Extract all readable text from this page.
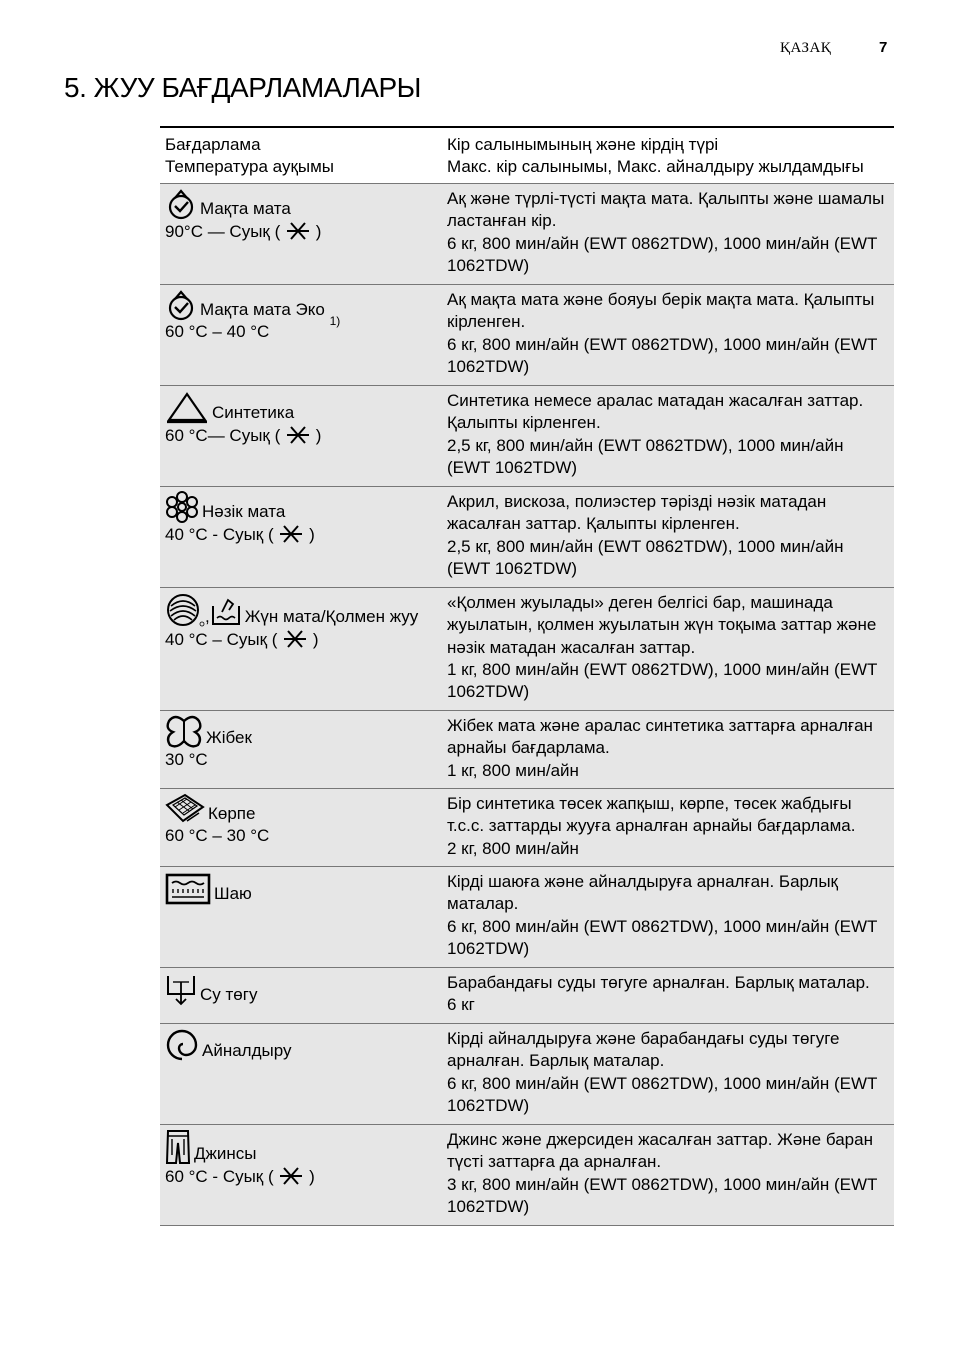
ҚАЗАҚ	7
5. ЖУУ БАҒДАРЛАМАЛАРЫ
Бағдарлама
Температура ауқымы
Кір салынымының және кірдің түрі
Макс. кір салынымы, Макс. айналдыру жылдамдығы
Мақта мата
90°C — Суық ( )
Ақ және түрлі-түсті мақта мата. Қалыпты және шамалы ластанған кір.
6 кг, 800 мин/айн (EWT 0862TDW), 1000 мин/айн (EWT 1062TDW)
Мақта мата Эко

1)
60 °C – 40 °C
Ақ мақта мата және бояуы берік мақта мата. Қалыпты кірленген.
6 кг, 800 мин/айн (EWT 0862TDW), 1000 мин/айн (EWT 1062TDW)
Синтетика
60 °C— Суық ( )
Синтетика немесе аралас матадан жасалған заттар. Қалыпты кірленген.
2,5 кг, 800 мин/айн (EWT 0862TDW), 1000 мин/айн (EWT 1062TDW)
Нәзік мата
40 °C - Суық ( )
Акрил, вискоза, полиэстер тәрізді нәзік матадан жасалған заттар. Қалыпты кірленген.
2,5 кг, 800 мин/айн (EWT 0862TDW), 1000 мин/айн (EWT 1062TDW)
, Жүн мата/Қолмен жуу
40 °C – Суық ( )
«Қолмен жуылады» деген белгісі бар, машинада жуылатын, қолмен жуылатын жүн тоқыма заттар және нәзік матадан жасалған заттар.
1 кг, 800 мин/айн (EWT 0862TDW), 1000 мин/айн (EWT 1062TDW)
Жібек
30 °C
Жібек мата және аралас синтетика заттарға арналған арнайы бағдарлама.
1 кг, 800 мин/айн
Көрпе
60 °C – 30 °C
Бір синтетика төсек жапқыш, көрпе, төсек жабдығы т.с.с. заттарды жууға арналған арнайы бағдарлама.
2 кг, 800 мин/айн
Шаю
Кірді шаюға және айналдыруға арналған. Барлық маталар.
6 кг, 800 мин/айн (EWT 0862TDW), 1000 мин/айн (EWT 1062TDW)
Су төгу
Барабандағы суды төгуге арналған. Барлық маталар.
6 кг
Айналдыру
Кірді айналдыруға және барабандағы суды төгуге арналған. Барлық маталар.
6 кг, 800 мин/айн (EWT 0862TDW), 1000 мин/айн (EWT 1062TDW)
Джинсы
60 °C - Суық ( )
Джинс және джерсиден жасалған заттар. Және баран түсті заттарға да арналған.
3 кг, 800 мин/айн (EWT 0862TDW), 1000 мин/айн (EWT 1062TDW)
